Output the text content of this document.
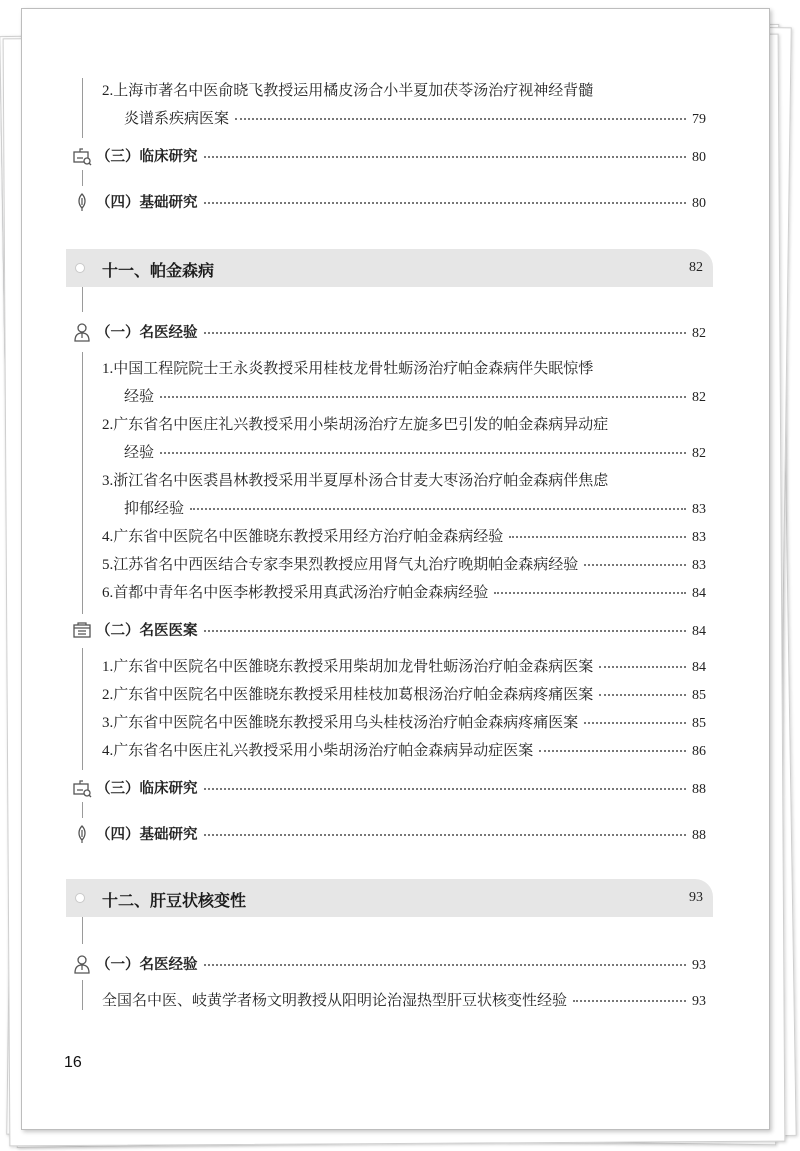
2.上海市著名中医俞晓飞教授运用橘皮汤合小半夏加茯苓汤治疗视神经背髓
炎谱系疾病医案	79
（三）临床研究	80
（四）基础研究	80
十一、帕金森病	82
（一）名医经验	82
1.中国工程院院士王永炎教授采用桂枝龙骨牡蛎汤治疗帕金森病伴失眠惊悸
经验	82
2.广东省名中医庄礼兴教授采用小柴胡汤治疗左旋多巴引发的帕金森病异动症
经验	82
3.浙江省名中医裘昌林教授采用半夏厚朴汤合甘麦大枣汤治疗帕金森病伴焦虑
抑郁经验	83
4.广东省中医院名中医雒晓东教授采用经方治疗帕金森病经验	83
5.江苏省名中西医结合专家李果烈教授应用肾气丸治疗晚期帕金森病经验	83
6.首都中青年名中医李彬教授采用真武汤治疗帕金森病经验	84
（二）名医医案	84
1.广东省中医院名中医雒晓东教授采用柴胡加龙骨牡蛎汤治疗帕金森病医案	84
2.广东省中医院名中医雒晓东教授采用桂枝加葛根汤治疗帕金森病疼痛医案	85
3.广东省中医院名中医雒晓东教授采用乌头桂枝汤治疗帕金森病疼痛医案	85
4.广东省名中医庄礼兴教授采用小柴胡汤治疗帕金森病异动症医案	86
（三）临床研究	88
（四）基础研究	88
十二、肝豆状核变性	93
（一）名医经验	93
全国名中医、岐黄学者杨文明教授从阳明论治湿热型肝豆状核变性经验	93
16
